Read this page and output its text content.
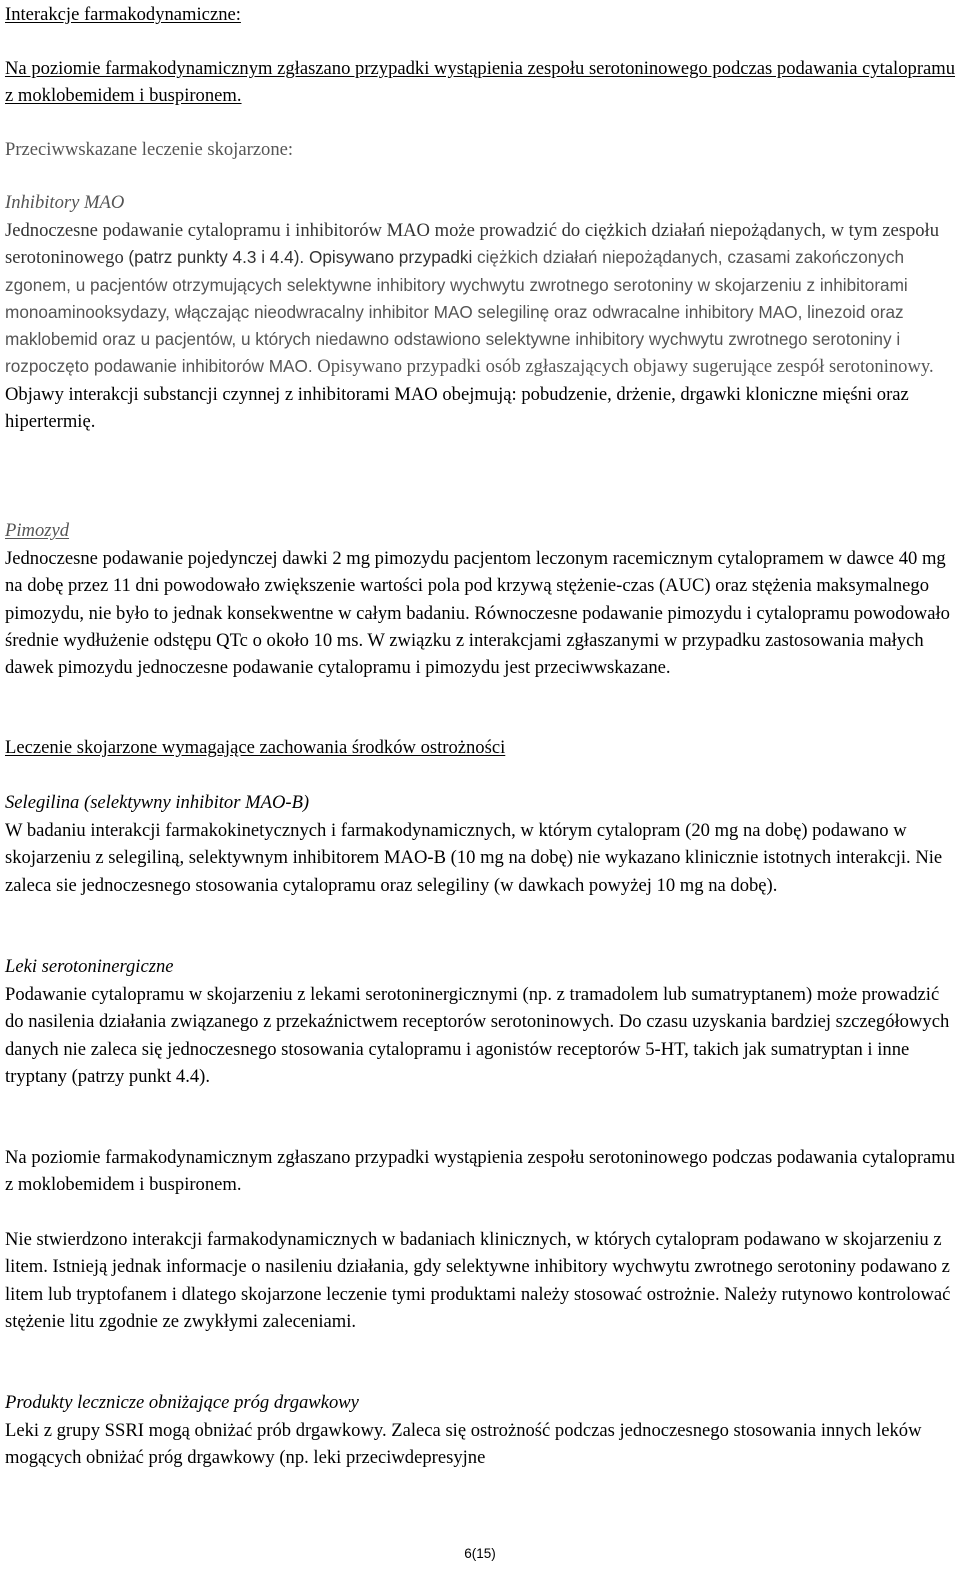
Interakcje farmakodynamiczne:

Na poziomie farmakodynamicznym zgłaszano przypadki wystąpienia zespołu serotoninowego podczas podawania cytalopramu z moklobemidem i buspironem.

Przeciwwskazane leczenie skojarzone:

Inhibitory MAO

Jednoczesne podawanie cytalopramu i inhibitorów MAO może prowadzić do ciężkich działań niepożądanych, w tym zespołu serotoninowego (patrz punkty 4.3 i 4.4). Opisywano przypadki ciężkich działań niepożądanych, czasami zakończonych zgonem, u pacjentów otrzymujących selektywne inhibitory wychwytu zwrotnego serotoniny w skojarzeniu z inhibitorami monoaminooksydazy, włączając nieodwracalny inhibitor MAO selegilinę oraz odwracalne inhibitory MAO, linezoid oraz maklobemid oraz u pacjentów, u których niedawno odstawiono selektywne inhibitory wychwytu zwrotnego serotoniny i rozpoczęto podawanie inhibitorów MAO. Opisywano przypadki osób zgłaszających objawy sugerujące zespół serotoninowy. Objawy interakcji substancji czynnej z inhibitorami MAO obejmują: pobudzenie, drżenie, drgawki kloniczne mięśni oraz hipertermię.

Pimozyd

Jednoczesne podawanie pojedynczej dawki 2 mg pimozydu pacjentom leczonym racemicznym cytalopramem w dawce 40 mg na dobę przez 11 dni powodowało zwiększenie wartości pola pod krzywą stężenie-czas (AUC) oraz stężenia maksymalnego pimozydu, nie było to jednak konsekwentne w całym badaniu. Równoczesne podawanie pimozydu i cytalopramu powodowało średnie wydłużenie odstępu QTc o około 10 ms. W związku z interakcjami zgłaszanymi w przypadku zastosowania małych dawek pimozydu jednoczesne podawanie cytalopramu i pimozydu jest przeciwwskazane.

Leczenie skojarzone wymagające zachowania środków ostrożności

Selegilina (selektywny inhibitor MAO-B)

W badaniu interakcji farmakokinetycznych i farmakodynamicznych, w którym cytalopram (20 mg na dobę) podawano w skojarzeniu z selegiliną, selektywnym inhibitorem MAO-B (10 mg na dobę) nie wykazano klinicznie istotnych interakcji. Nie zaleca sie jednoczesnego stosowania cytalopramu oraz selegiliny (w dawkach powyżej 10 mg na dobę).

Leki serotoninergiczne

Podawanie cytalopramu w skojarzeniu z lekami serotoninergicznymi (np. z tramadolem lub sumatryptanem) może prowadzić do nasilenia działania związanego z przekaźnictwem receptorów serotoninowych. Do czasu uzyskania bardziej szczegółowych danych nie zaleca się jednoczesnego stosowania cytalopramu i agonistów receptorów 5-HT, takich jak sumatryptan i inne tryptany (patrzy punkt 4.4).

Na poziomie farmakodynamicznym zgłaszano przypadki wystąpienia zespołu serotoninowego podczas podawania cytalopramu z moklobemidem i buspironem.

Nie stwierdzono interakcji farmakodynamicznych w badaniach klinicznych, w których cytalopram podawano w skojarzeniu z litem. Istnieją jednak informacje o nasileniu działania, gdy selektywne inhibitory wychwytu zwrotnego serotoniny podawano z litem lub tryptofanem i dlatego skojarzone leczenie tymi produktami należy stosować ostrożnie. Należy rutynowo kontrolować stężenie litu zgodnie ze zwykłymi zaleceniami.

Produkty lecznicze obniżające próg drgawkowy

Leki z grupy SSRI mogą obniżać prób drgawkowy. Zaleca się ostrożność podczas jednoczesnego stosowania innych leków mogących obniżać próg drgawkowy (np. leki przeciwdepresyjne

6(15)
